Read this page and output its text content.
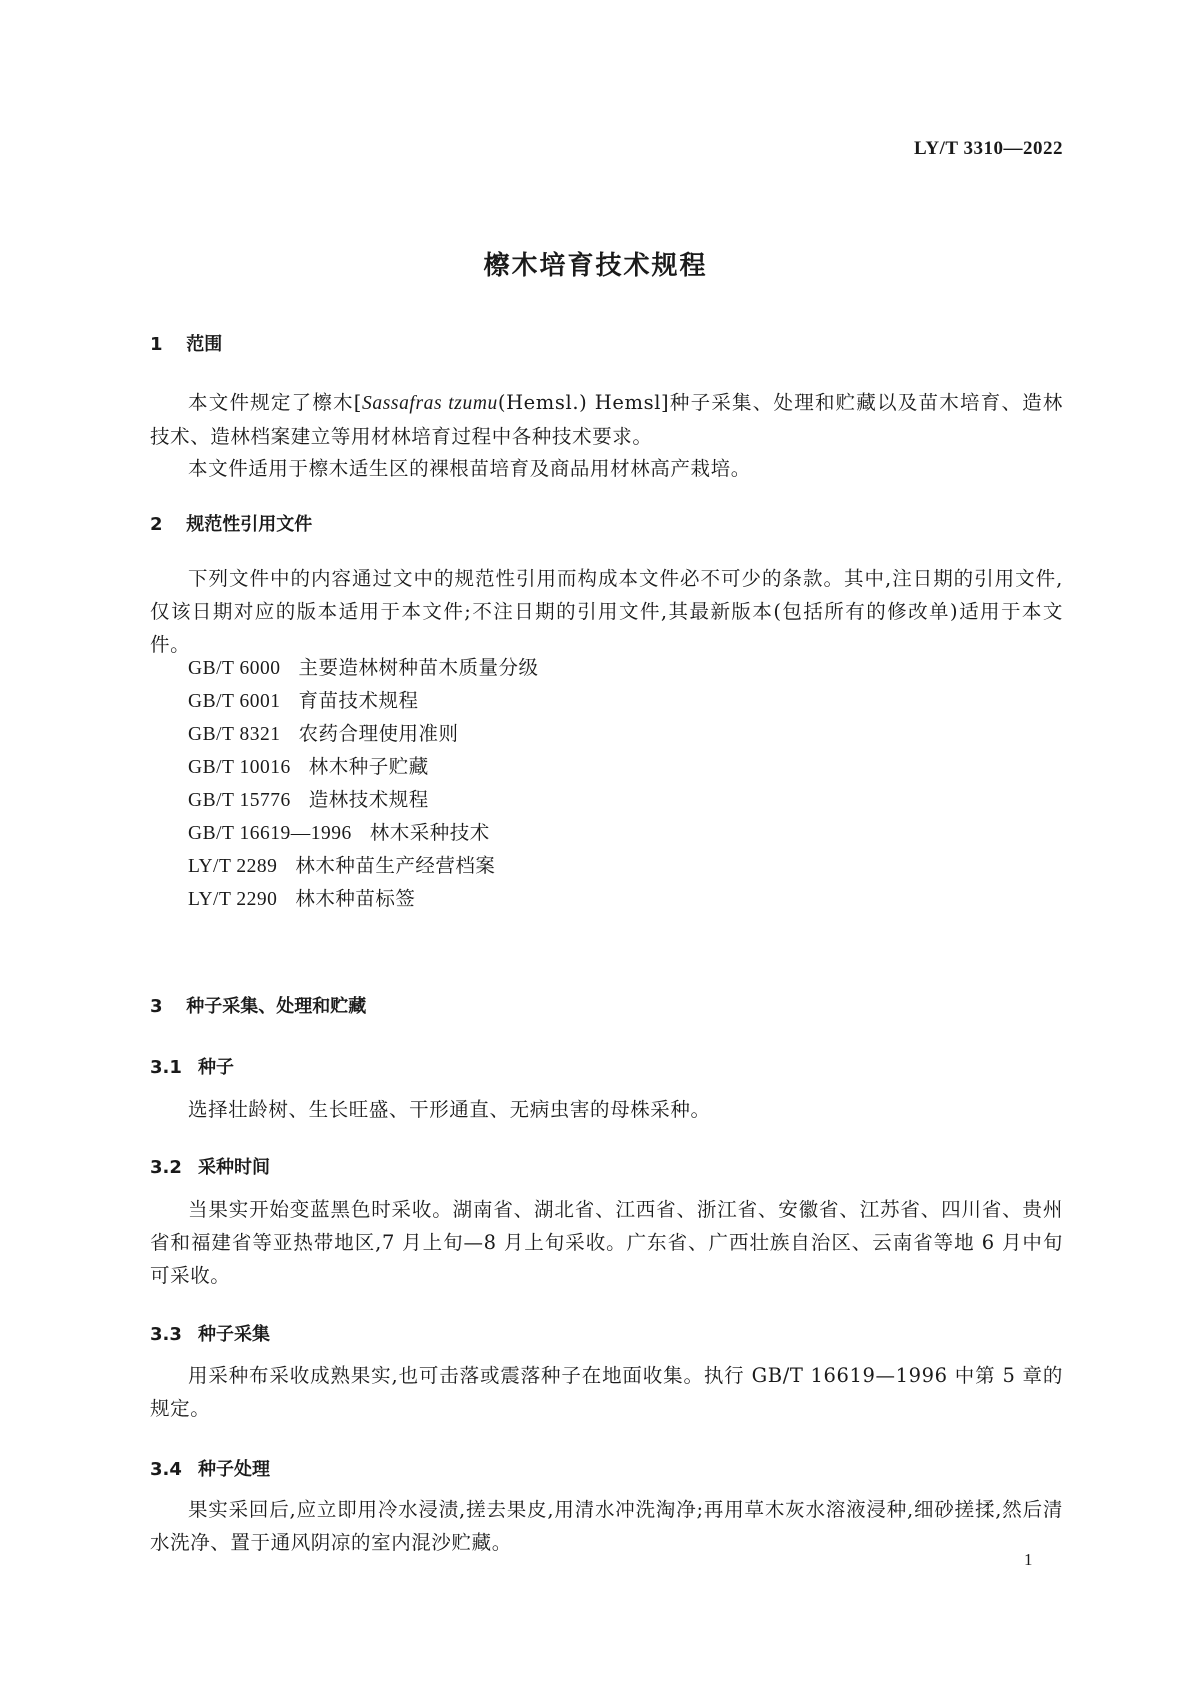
LY/T 3310—2022
檫木培育技术规程
1 范围
本文件规定了檫木[Sassafras tzumu(Hemsl.) Hemsl]种子采集、处理和贮藏以及苗木培育、造林技术、造林档案建立等用材林培育过程中各种技术要求。
本文件适用于檫木适生区的裸根苗培育及商品用材林高产栽培。
2 规范性引用文件
下列文件中的内容通过文中的规范性引用而构成本文件必不可少的条款。其中,注日期的引用文件,仅该日期对应的版本适用于本文件;不注日期的引用文件,其最新版本(包括所有的修改单)适用于本文件。
GB/T 6000 主要造林树种苗木质量分级
GB/T 6001 育苗技术规程
GB/T 8321 农药合理使用准则
GB/T 10016 林木种子贮藏
GB/T 15776 造林技术规程
GB/T 16619—1996 林木采种技术
LY/T 2289 林木种苗生产经营档案
LY/T 2290 林木种苗标签
3 种子采集、处理和贮藏
3.1 种子
选择壮龄树、生长旺盛、干形通直、无病虫害的母株采种。
3.2 采种时间
当果实开始变蓝黑色时采收。湖南省、湖北省、江西省、浙江省、安徽省、江苏省、四川省、贵州省和福建省等亚热带地区,7 月上旬—8 月上旬采收。广东省、广西壮族自治区、云南省等地 6 月中旬可采收。
3.3 种子采集
用采种布采收成熟果实,也可击落或震落种子在地面收集。执行 GB/T 16619—1996 中第 5 章的规定。
3.4 种子处理
果实采回后,应立即用冷水浸渍,搓去果皮,用清水冲洗淘净;再用草木灰水溶液浸种,细砂搓揉,然后清水洗净、置于通风阴凉的室内混沙贮藏。
1
